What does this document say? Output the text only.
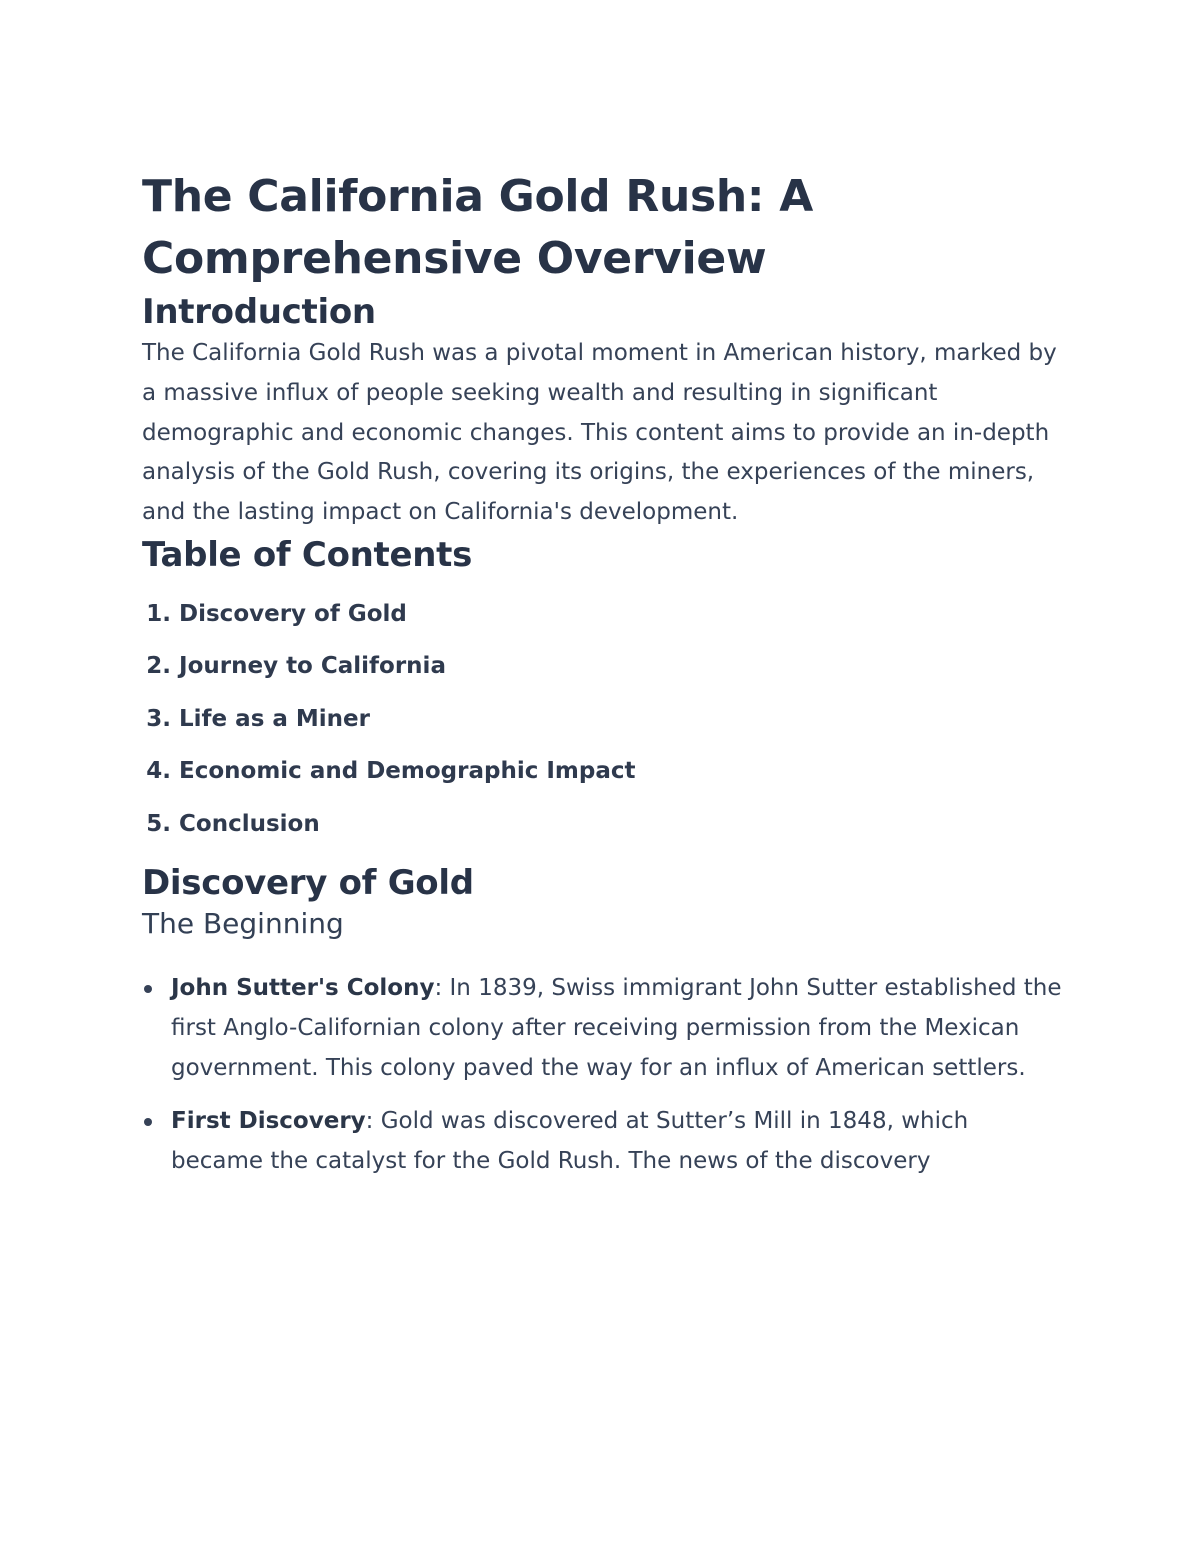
The California Gold Rush: A Comprehensive Overview
Introduction

The California Gold Rush was a pivotal moment in American history, marked by a massive influx of people seeking wealth and resulting in significant demographic and economic changes. This content aims to provide an in-depth analysis of the Gold Rush, covering its origins, the experiences of the miners, and the lasting impact on California's development.

Table of Contents
1. Discovery of Gold
2. Journey to California
3. Life as a Miner
4. Economic and Demographic Impact
5. Conclusion
Discovery of Gold
The Beginning
John Sutter's Colony: In 1839, Swiss immigrant John Sutter established the first Anglo-Californian colony after receiving permission from the Mexican government. This colony paved the way for an influx of American settlers.
First Discovery: Gold was discovered at Sutter’s Mill in 1848, which became the catalyst for the Gold Rush. The news of the discovery
